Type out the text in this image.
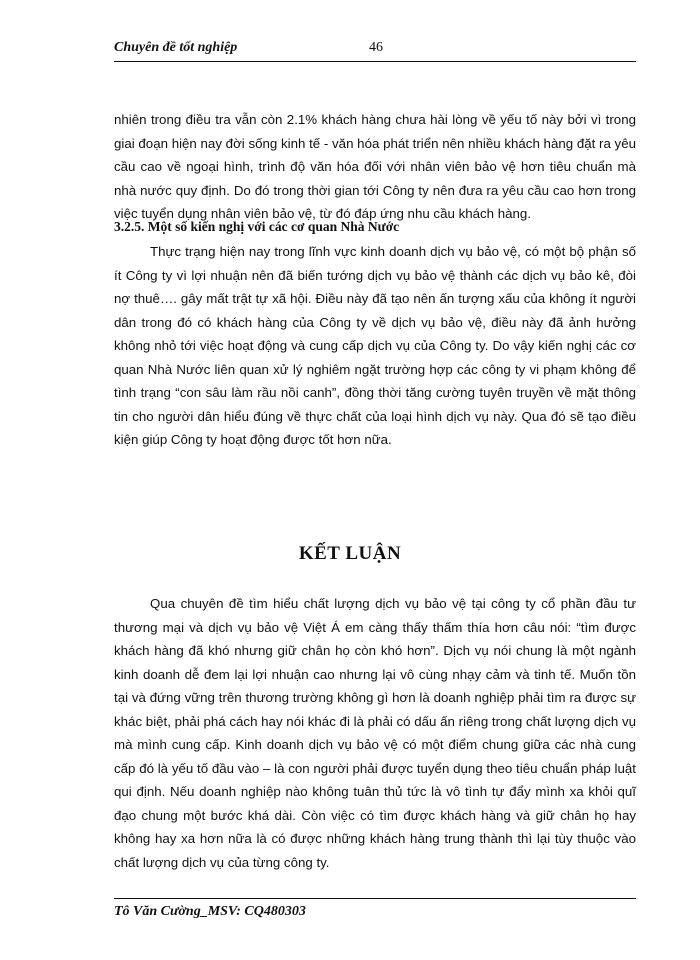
Chuyên đề tốt nghiệp	46

nhiên trong điều tra vẫn còn 2.1% khách hàng chưa hài lòng về yếu tố này bởi vì trong giai đoạn hiện nay đời sống kinh tế - văn hóa phát triển nên nhiều khách hàng đặt ra yêu cầu cao về ngoại hình, trình độ văn hóa đối với nhân viên bảo vệ hơn tiêu chuẩn mà nhà nước quy định. Do đó trong thời gian tới Công ty nên đưa ra yêu cầu cao hơn trong việc tuyển dụng nhân viên bảo vệ, từ đó đáp ứng nhu cầu khách hàng.

3.2.5. Một số kiến nghị với các cơ quan Nhà Nước

Thực trạng hiện nay trong lĩnh vực kinh doanh dịch vụ bảo vệ, có một bộ phận số ít Công ty vì lợi nhuận nên đã biến tướng dịch vụ bảo vệ thành các dịch vụ bảo kê, đòi nợ thuê…. gây mất trật tự xã hội. Điều này đã tạo nên ấn tượng xấu của không ít người dân trong đó có khách hàng của Công ty về dịch vụ bảo vệ, điều này đã ảnh hưởng không nhỏ tới việc hoạt động và cung cấp dịch vụ của Công ty. Do vậy kiến nghị các cơ quan Nhà Nước liên quan xử lý nghiêm ngặt trường hợp các công ty vi phạm không để tình trạng “con sâu làm rầu nồi canh”, đồng thời tăng cường tuyên truyền về mặt thông tin cho người dân hiểu đúng về thực chất của loại hình dịch vụ này. Qua đó sẽ tạo điều kiện giúp Công ty hoạt động được tốt hơn nữa.

KẾT LUẬN

Qua chuyên đề tìm hiểu chất lượng dịch vụ bảo vệ tại công ty cổ phần đầu tư thương mại và dịch vụ bảo vệ Việt Á em càng thấy thấm thía hơn câu nói: “tìm được khách hàng đã khó nhưng giữ chân họ còn khó hơn”. Dịch vụ nói chung là một ngành kinh doanh dễ đem lại lợi nhuận cao nhưng lại vô cùng nhạy cảm và tinh tế. Muốn tồn tại và đứng vững trên thương trường không gì hơn là doanh nghiệp phải tìm ra được sự khác biệt, phải phá cách hay nói khác đi là phải có dấu ấn riêng trong chất lượng dịch vụ mà mình cung cấp. Kinh doanh dịch vụ bảo vệ có một điểm chung giữa các nhà cung cấp đó là yếu tố đầu vào – là con người phải được tuyển dụng theo tiêu chuẩn pháp luật qui định. Nếu doanh nghiệp nào không tuân thủ tức là vô tình tự đẩy mình xa khỏi quĩ đạo chung một bước khá dài. Còn việc có tìm được khách hàng và giữ chân họ hay không hay xa hơn nữa là có được những khách hàng trung thành thì lại tùy thuộc vào chất lượng dịch vụ của từng công ty.

Tô Văn Cường_MSV: CQ480303
